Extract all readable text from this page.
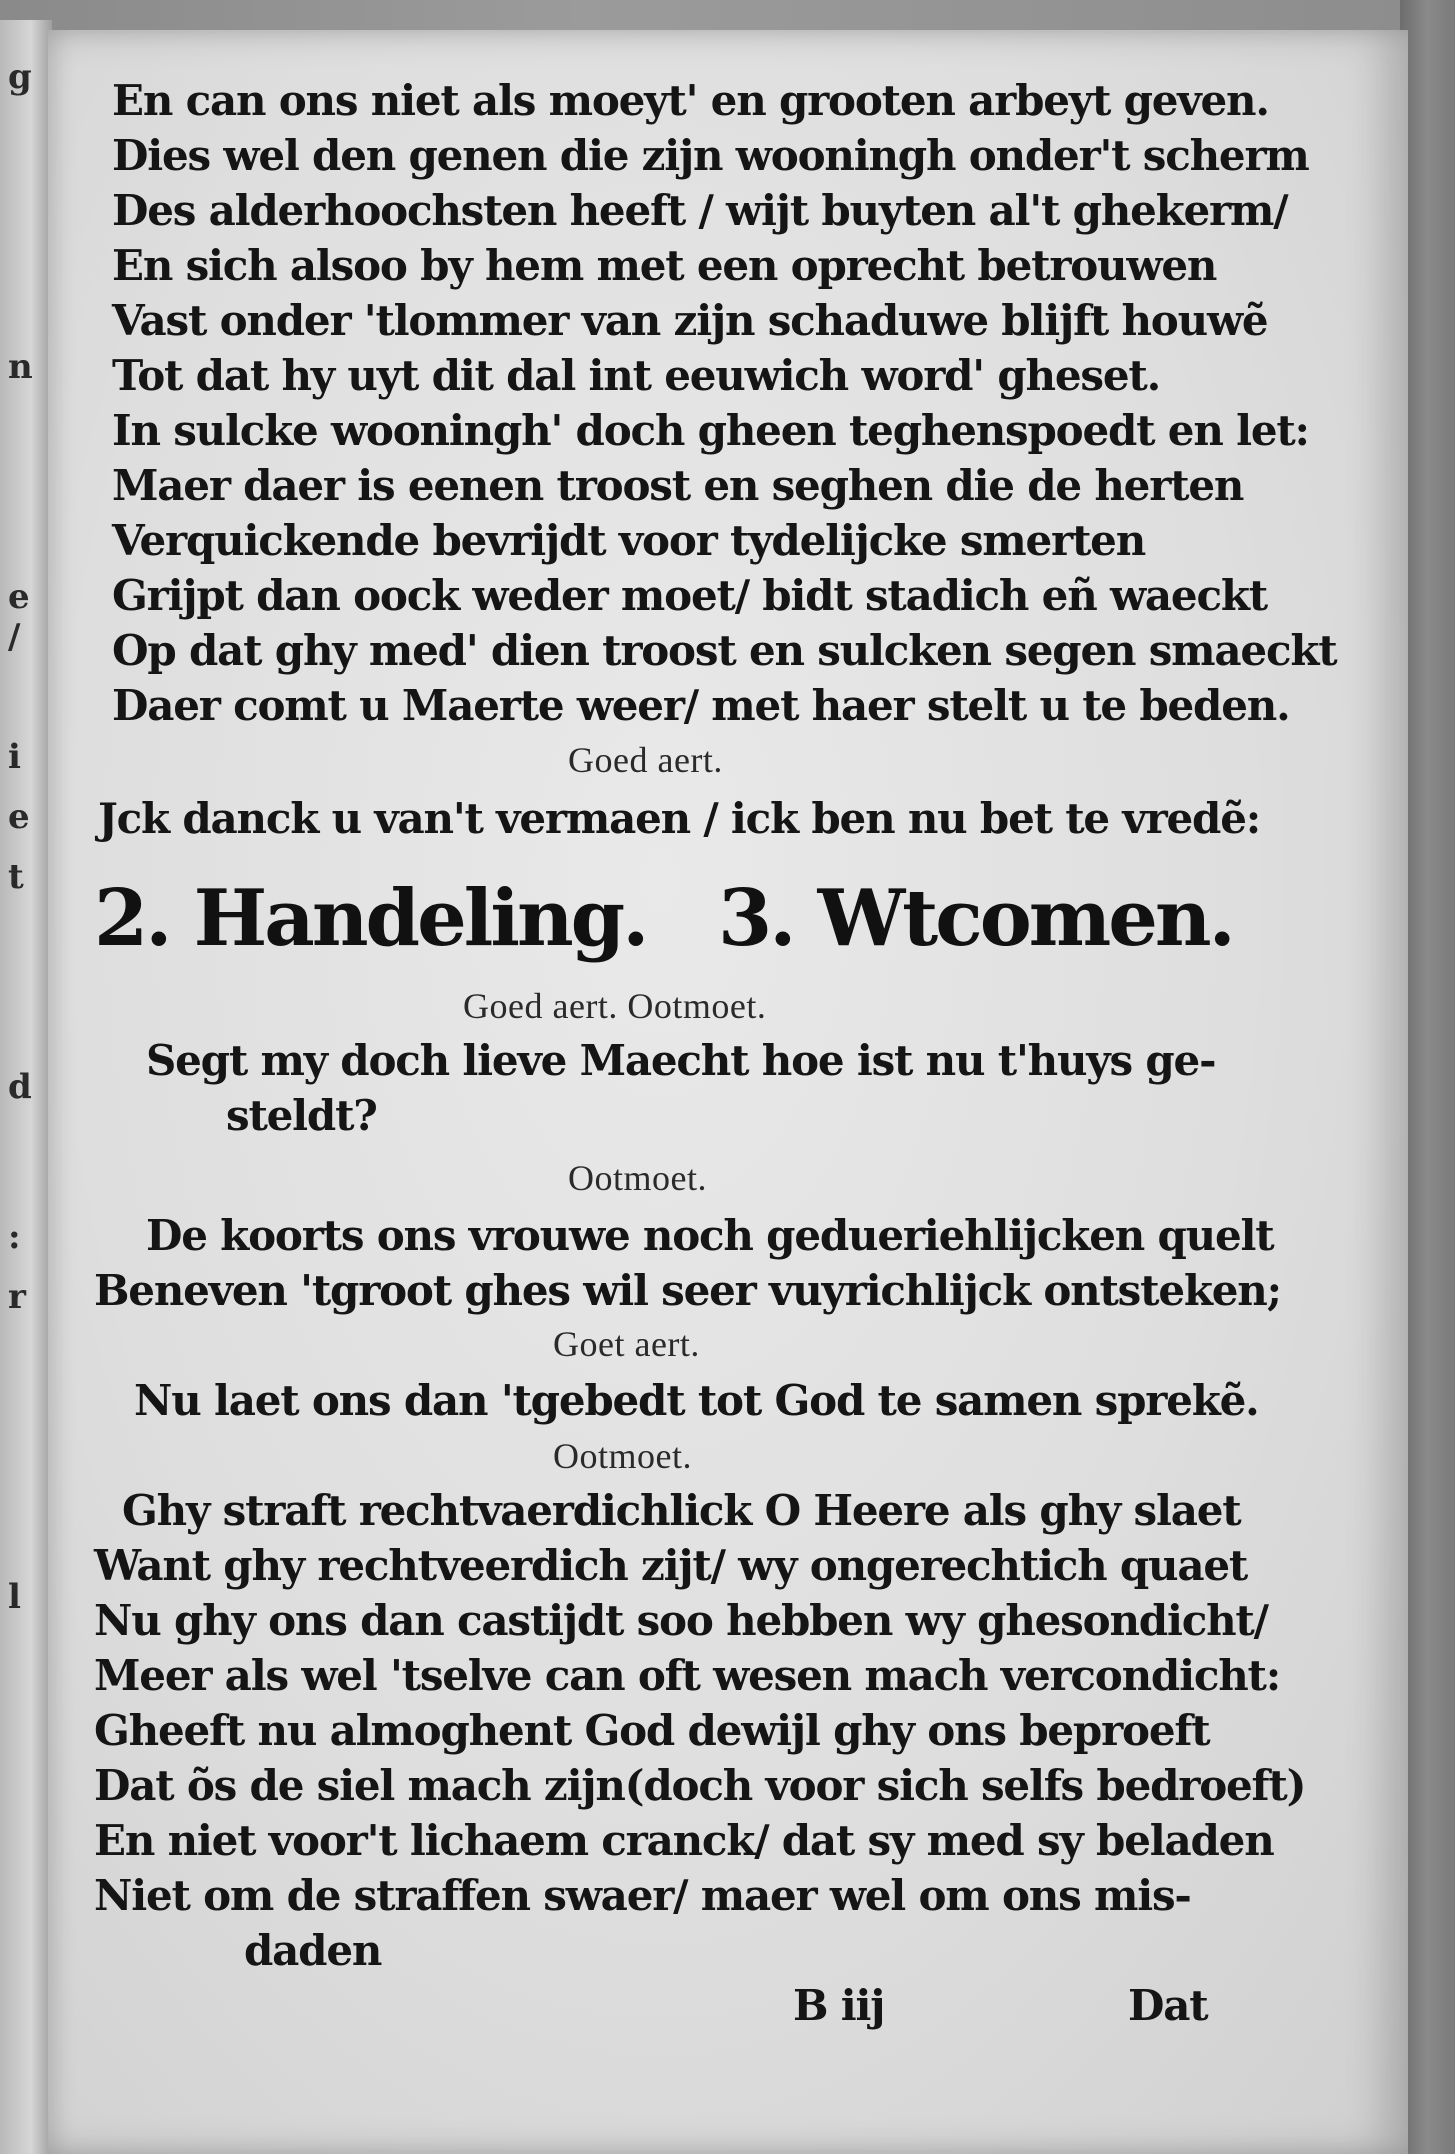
g
n
e
/
i
e
t
d
:
r
l
En can ons niet als moeyt' en grooten arbeyt geven.
Dies wel den genen die zijn wooningh onder't scherm
Des alderhoochsten heeft / wijt buyten al't ghekerm/
En sich alsoo by hem met een oprecht betrouwen
Vast onder 'tlommer van zijn schaduwe blijft houwẽ
Tot dat hy uyt dit dal int eeuwich word' gheset.
In sulcke wooningh' doch gheen teghenspoedt en let:
Maer daer is eenen troost en seghen die de herten
Verquickende bevrijdt voor tydelijcke smerten
Grijpt dan oock weder moet/ bidt stadich eñ waeckt
Op dat ghy med' dien troost en sulcken segen smaeckt
Daer comt u Maerte weer/ met haer stelt u te beden.
Goed aert.
Jck danck u van't vermaen / ick ben nu bet te vredẽ:
2. Handeling. 3. Wtcomen.
Goed aert. Ootmoet.
Segt my doch lieve Maecht hoe ist nu t'huys ge-
steldt?
Ootmoet.
De koorts ons vrouwe noch gedueriehlijcken quelt
Beneven 'tgroot ghes wil seer vuyrichlijck ontsteken;
Goet aert.
Nu laet ons dan 'tgebedt tot God te samen sprekẽ.
Ootmoet.
Ghy straft rechtvaerdichlick O Heere als ghy slaet
Want ghy rechtveerdich zijt/ wy ongerechtich quaet
Nu ghy ons dan castijdt soo hebben wy ghesondicht/
Meer als wel 'tselve can oft wesen mach vercondicht:
Gheeft nu almoghent God dewijl ghy ons beproeft
Dat õs de siel mach zijn(doch voor sich selfs bedroeft)
En niet voor't lichaem cranck/ dat sy med sy beladen
Niet om de straffen swaer/ maer wel om ons mis-
daden
B iij	Dat
